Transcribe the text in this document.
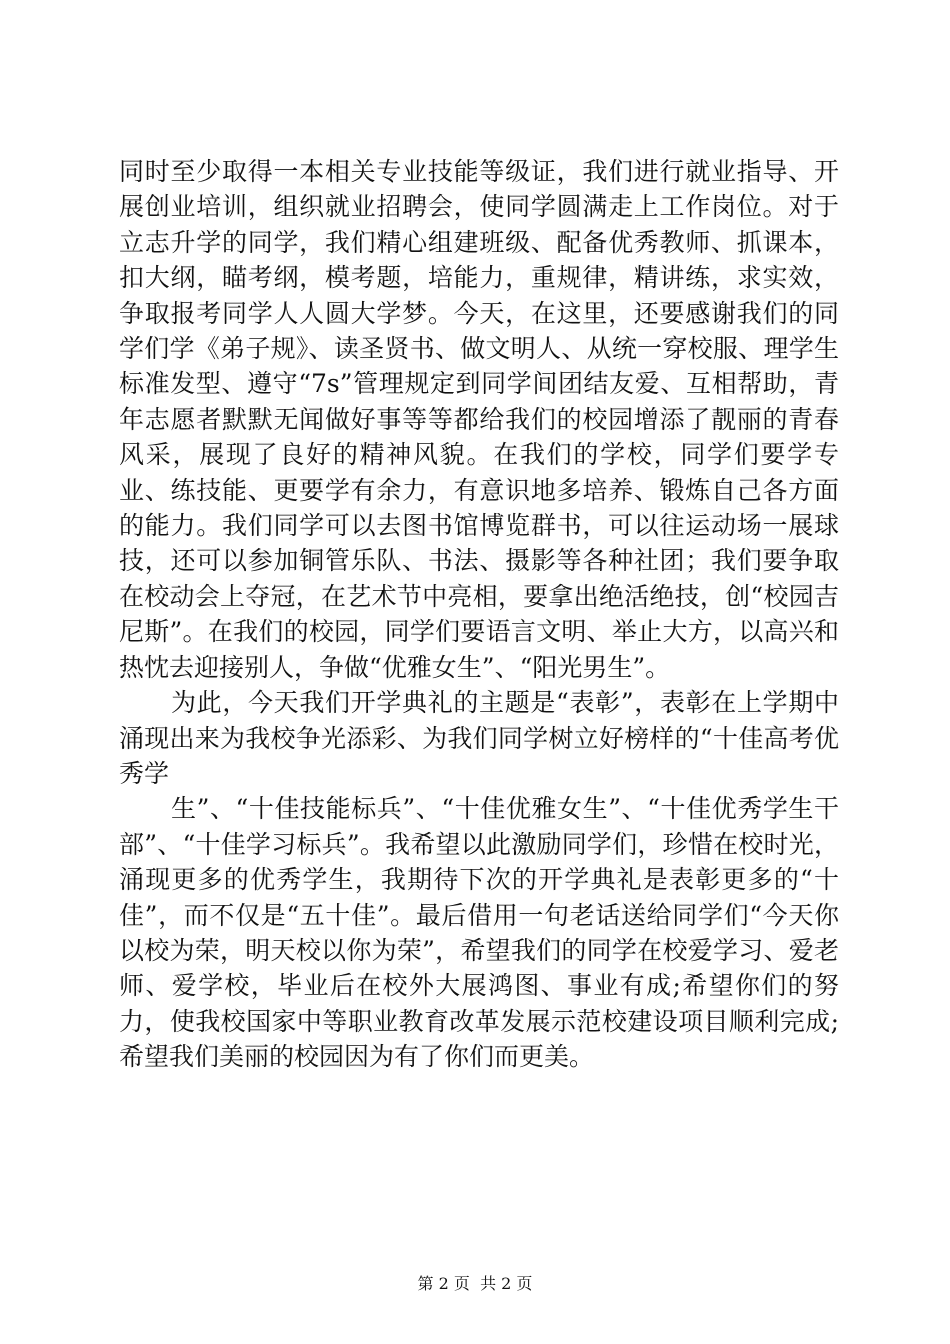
同时至少取得一本相关专业技能等级证，我们进行就业指导、开展创业培训，组织就业招聘会，使同学圆满走上工作岗位。对于立志升学的同学，我们精心组建班级、配备优秀教师、抓课本，扣大纲，瞄考纲，模考题，培能力，重规律，精讲练，求实效，争取报考同学人人圆大学梦。今天，在这里，还要感谢我们的同学们学《弟子规》、读圣贤书、做文明人、从统一穿校服、理学生标准发型、遵守“7s”管理规定到同学间团结友爱、互相帮助，青年志愿者默默无闻做好事等等都给我们的校园增添了靓丽的青春风采，展现了良好的精神风貌。在我们的学校，同学们要学专业、练技能、更要学有余力，有意识地多培养、锻炼自己各方面的能力。我们同学可以去图书馆博览群书，可以往运动场一展球技，还可以参加铜管乐队、书法、摄影等各种社团；我们要争取在校动会上夺冠，在艺术节中亮相，要拿出绝活绝技，创“校园吉尼斯”。在我们的校园，同学们要语言文明、举止大方，以高兴和热忱去迎接别人，争做“优雅女生”、“阳光男生”。

为此，今天我们开学典礼的主题是“表彰”，表彰在上学期中涌现出来为我校争光添彩、为我们同学树立好榜样的“十佳高考优秀学

生”、“十佳技能标兵”、“十佳优雅女生”、“十佳优秀学生干部”、“十佳学习标兵”。我希望以此激励同学们，珍惜在校时光，涌现更多的优秀学生，我期待下次的开学典礼是表彰更多的“十佳”，而不仅是“五十佳”。最后借用一句老话送给同学们“今天你以校为荣，明天校以你为荣”，希望我们的同学在校爱学习、爱老师、爱学校，毕业后在校外大展鸿图、事业有成;希望你们的努力，使我校国家中等职业教育改革发展示范校建设项目顺利完成;希望我们美丽的校园因为有了你们而更美。

第 2 页  共 2 页
